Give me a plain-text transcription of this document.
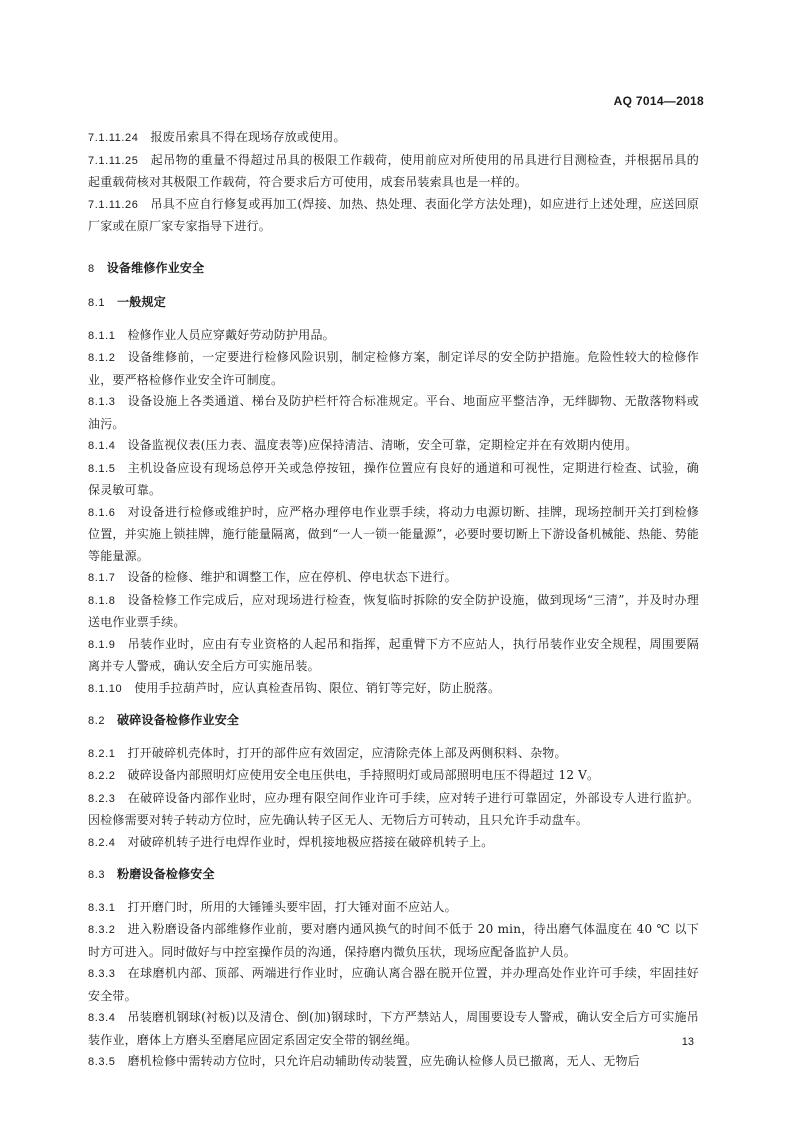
AQ 7014—2018
7.1.11.24 报废吊索具不得在现场存放或使用。
7.1.11.25 起吊物的重量不得超过吊具的极限工作载荷，使用前应对所使用的吊具进行目测检查，并根据吊具的起重载荷核对其极限工作载荷，符合要求后方可使用，成套吊装索具也是一样的。
7.1.11.26 吊具不应自行修复或再加工(焊接、加热、热处理、表面化学方法处理)，如应进行上述处理，应送回原厂家或在原厂家专家指导下进行。
8 设备维修作业安全
8.1 一般规定
8.1.1 检修作业人员应穿戴好劳动防护用品。
8.1.2 设备维修前，一定要进行检修风险识别，制定检修方案，制定详尽的安全防护措施。危险性较大的检修作业，要严格检修作业安全许可制度。
8.1.3 设备设施上各类通道、梯台及防护栏杆符合标准规定。平台、地面应平整洁净，无绊脚物、无散落物料或油污。
8.1.4 设备监视仪表(压力表、温度表等)应保持清洁、清晰，安全可靠，定期检定并在有效期内使用。
8.1.5 主机设备应设有现场总停开关或急停按钮，操作位置应有良好的通道和可视性，定期进行检查、试验，确保灵敏可靠。
8.1.6 对设备进行检修或维护时，应严格办理停电作业票手续，将动力电源切断、挂牌，现场控制开关打到检修位置，并实施上锁挂牌，施行能量隔离，做到“一人一锁一能量源”，必要时要切断上下游设备机械能、热能、势能等能量源。
8.1.7 设备的检修、维护和调整工作，应在停机、停电状态下进行。
8.1.8 设备检修工作完成后，应对现场进行检查，恢复临时拆除的安全防护设施，做到现场“三清”，并及时办理送电作业票手续。
8.1.9 吊装作业时，应由有专业资格的人起吊和指挥，起重臂下方不应站人，执行吊装作业安全规程，周围要隔离并专人警戒，确认安全后方可实施吊装。
8.1.10 使用手拉葫芦时，应认真检查吊钩、限位、销钉等完好，防止脱落。
8.2 破碎设备检修作业安全
8.2.1 打开破碎机壳体时，打开的部件应有效固定，应清除壳体上部及两侧积料、杂物。
8.2.2 破碎设备内部照明灯应使用安全电压供电，手持照明灯或局部照明电压不得超过 12 V。
8.2.3 在破碎设备内部作业时，应办理有限空间作业许可手续，应对转子进行可靠固定，外部设专人进行监护。因检修需要对转子转动方位时，应先确认转子区无人、无物后方可转动，且只允许手动盘车。
8.2.4 对破碎机转子进行电焊作业时，焊机接地极应搭接在破碎机转子上。
8.3 粉磨设备检修安全
8.3.1 打开磨门时，所用的大锤锤头要牢固，打大锤对面不应站人。
8.3.2 进入粉磨设备内部维修作业前，要对磨内通风换气的时间不低于 20 min，待出磨气体温度在 40 ℃ 以下时方可进入。同时做好与中控室操作员的沟通，保持磨内微负压状，现场应配备监护人员。
8.3.3 在球磨机内部、顶部、两端进行作业时，应确认离合器在脱开位置，并办理高处作业许可手续，牢固挂好安全带。
8.3.4 吊装磨机钢球(衬板)以及清仓、倒(加)钢球时，下方严禁站人，周围要设专人警戒，确认安全后方可实施吊装作业，磨体上方磨头至磨尾应固定系固定安全带的钢丝绳。
8.3.5 磨机检修中需转动方位时，只允许启动辅助传动装置，应先确认检修人员已撤离，无人、无物后
13
